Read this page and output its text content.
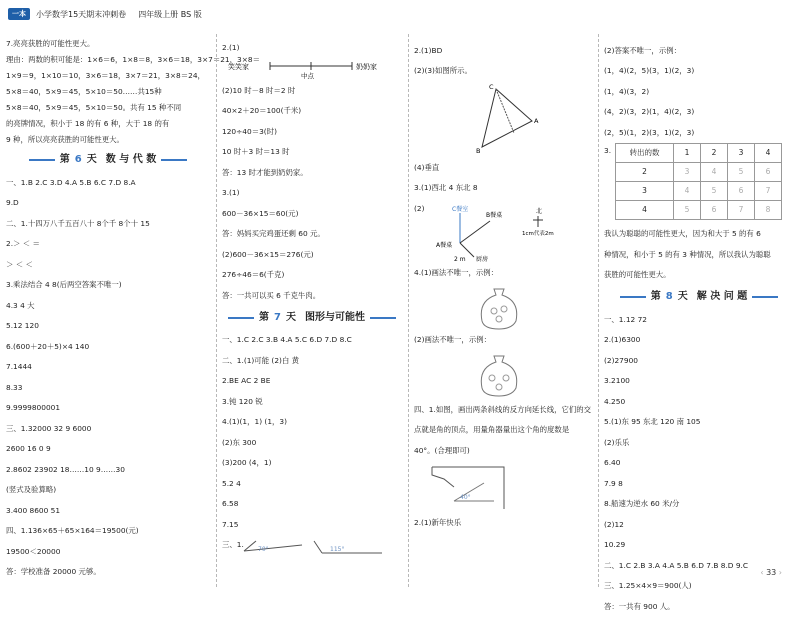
一本	小学数学15天期末冲刺卷 四年级上册 BS 版
7.亮亮获胜的可能性更大。
理由：两数的积可能是：1×6＝6，1×8＝8，3×6＝18，3×7＝21，3×8＝
1×9＝9，1×10＝10，3×6＝18，3×7＝21，3×8＝24，
5×8＝40，5×9＝45，5×10＝50……共15种
5×8＝40，5×9＝45，5×10＝50。共有 15 种不同
的亮牌情况，积小于 18 的有 6 种，大于 18 的有
9 种，所以亮亮获胜的可能性更大。
第 6 天 数 与 代 数
一、1.B 2.C 3.D 4.A 5.B 6.C 7.D 8.A
9.D
二、1.十四万八千五百八十 8个千 8个十 15
2.＞ ＜ ＝
＞ ＜ ＜
3.乘法结合 4 8(后两空答案不唯一)
4.3 4 大
5.12 120
6.(600＋20＋5)×4 140
7.1444
8.33
9.9999800001
三、1.32000 32 9 6000
2600 16 0 9
2.8602 23902 18……10 9……30
(竖式及验算略)
3.400 8600 51
四、1.136×65＋65×164＝19500(元)
19500＜20000
答：学校准备 20000 元够。
2.(1)
笑笑家
中点
奶奶家
(2)10 时－8 时＝2 时
40×2＋20＝100(千米)
120÷40＝3(时)
10 时＋3 时＝13 时
答：13 时才能到奶奶家。
3.(1)
600－36×15＝60(元)
答：妈妈买完鸡蛋还剩 60 元。
(2)600－36×15＝276(元)
276÷46＝6(千克)
答：一共可以买 6 千克牛肉。
第 7 天 图形与可能性
一、1.C 2.C 3.B 4.A 5.C 6.D 7.D 8.C
二、1.(1)可能 (2)白 黄
2.BE AC 2 BE
3.钝 120 锐
4.(1)(1，1) (1，3)
(2)东 300
(3)200 (4，1)
5.2 4
6.58
7.15
三、1.
70°	115°
2.(1)BD
(2)(3)如图所示。
C
A
B
(4)垂直
3.(1)西北 4 东北 8
(2)	C餐室
B餐桌
A餐桌
厨房
2 m
北
1cm代表2m
4.(1)画法不唯一，示例：
(2)画法不唯一，示例：
四、1.如图，画出两条斜线的反方向延长线，它们的交
点就是角的顶点，用量角器量出这个角的度数是
40°。(合理即可)
40°
2.(1)新年快乐
(2)答案不唯一，示例：
(1，4)(2，5)(3，1)(2，3)
(1，4)(3，2)
(4，2)(3，2)(1，4)(2，3)
(2，5)(1，2)(3，1)(2，3)
3. 转出的数	1	2	3	4
2	3	4	5	6
3	4	5	6	7
4	5	6	7	8
我认为聪聪的可能性更大，因为和大于 5 的有 6
种情况，和小于 5 的有 3 种情况，所以我认为聪聪
获胜的可能性更大。
第 8 天 解 决 问 题
一、1.12 72
2.(1)6300
(2)27900
3.2100
4.250
5.(1)东 95 东北 120 南 105
(2)乐乐
6.40
7.9 8
8.船速为逆水 60 米/分
(2)12
10.29
二、1.C 2.B 3.A 4.A 5.B 6.D 7.B 8.D 9.C
三、1.25×4×9＝900(人)
答：一共有 900 人。
‹ 33 ›
